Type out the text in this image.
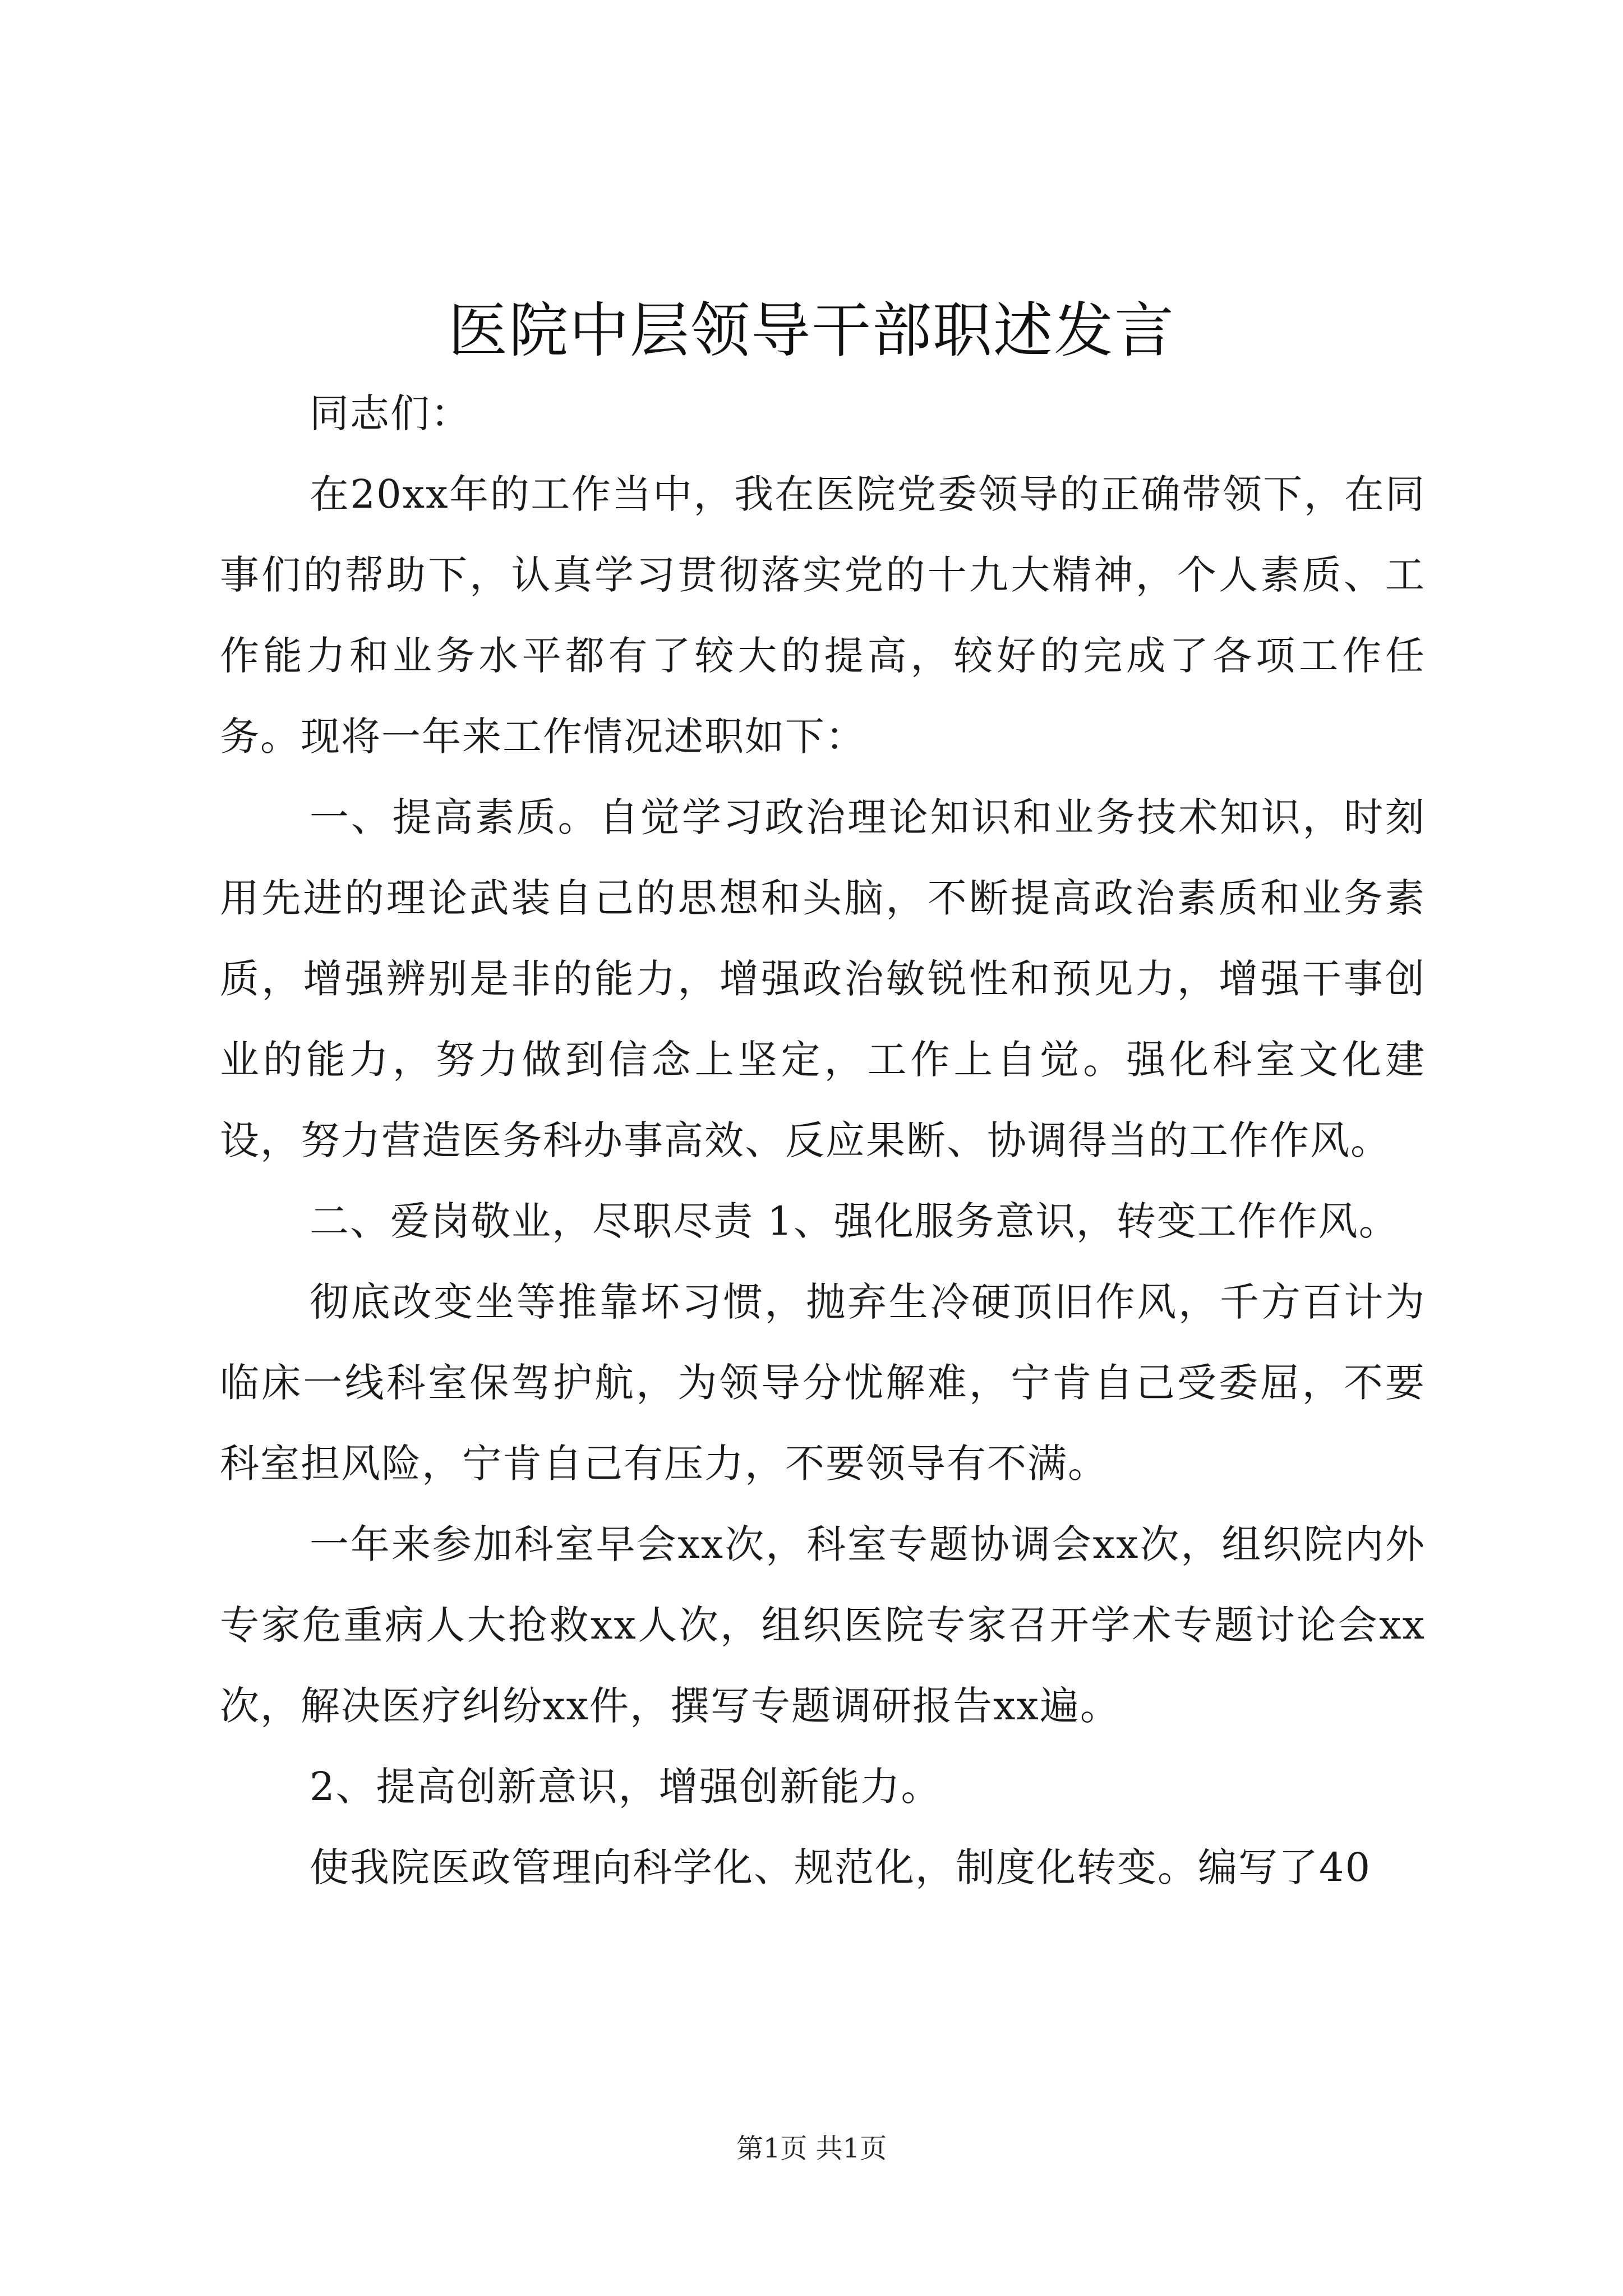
医院中层领导干部职述发言

同志们：

在20xx年的工作当中，我在医院党委领导的正确带领下，在同事们的帮助下，认真学习贯彻落实党的十九大精神，个人素质、工作能力和业务水平都有了较大的提高，较好的完成了各项工作任务。现将一年来工作情况述职如下：

一、提高素质。自觉学习政治理论知识和业务技术知识，时刻用先进的理论武装自己的思想和头脑，不断提高政治素质和业务素质，增强辨别是非的能力，增强政治敏锐性和预见力，增强干事创业的能力，努力做到信念上坚定，工作上自觉。强化科室文化建设，努力营造医务科办事高效、反应果断、协调得当的工作作风。

二、爱岗敬业，尽职尽责 1、强化服务意识，转变工作作风。

彻底改变坐等推靠坏习惯，抛弃生冷硬顶旧作风，千方百计为临床一线科室保驾护航，为领导分忧解难，宁肯自己受委屈，不要科室担风险，宁肯自己有压力，不要领导有不满。

一年来参加科室早会xx次，科室专题协调会xx次，组织院内外专家危重病人大抢救xx人次，组织医院专家召开学术专题讨论会xx次，解决医疗纠纷xx件，撰写专题调研报告xx遍。

2、提高创新意识，增强创新能力。

使我院医政管理向科学化、规范化，制度化转变。编写了40

第1页 共1页
